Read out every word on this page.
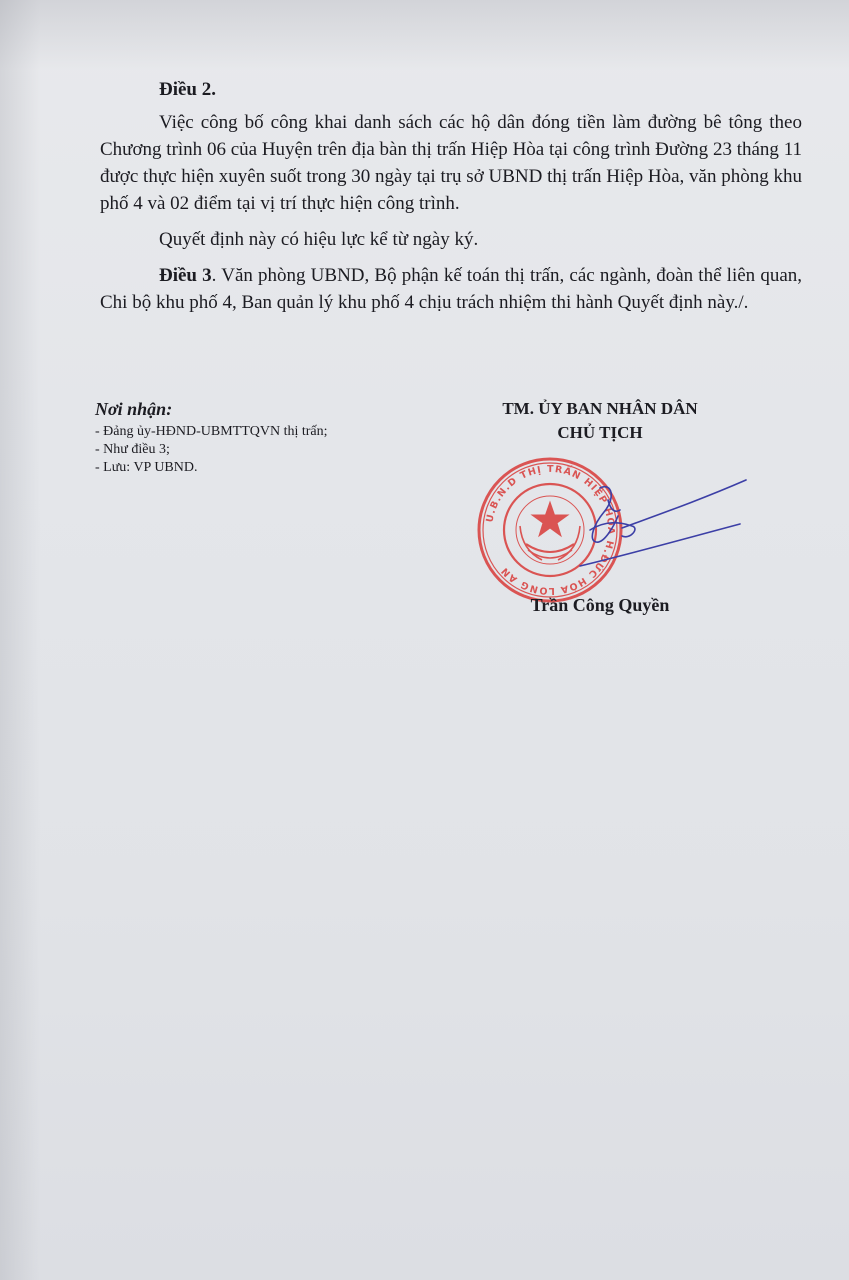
Điều 2.

Việc công bố công khai danh sách các hộ dân đóng tiền làm đường bê tông theo Chương trình 06 của Huyện trên địa bàn thị trấn Hiệp Hòa tại công trình Đường 23 tháng 11 được thực hiện xuyên suốt trong 30 ngày tại trụ sở UBND thị trấn Hiệp Hòa, văn phòng khu phố 4 và 02 điểm tại vị trí thực hiện công trình.

Quyết định này có hiệu lực kể từ ngày ký.

Điều 3. Văn phòng UBND, Bộ phận kế toán thị trấn, các ngành, đoàn thể liên quan, Chi bộ khu phố 4, Ban quản lý khu phố 4 chịu trách nhiệm thi hành Quyết định này./.

Nơi nhận:
- Đảng ủy-HĐND-UBMTTQVN thị trấn;
- Như điều 3;
- Lưu: VP UBND.
TM. ỦY BAN NHÂN DÂN
CHỦ TỊCH
U.B.N.D THỊ TRẤN HIỆP HÒA H.ĐỨC HÒA LONG AN
Trần Công Quyền
